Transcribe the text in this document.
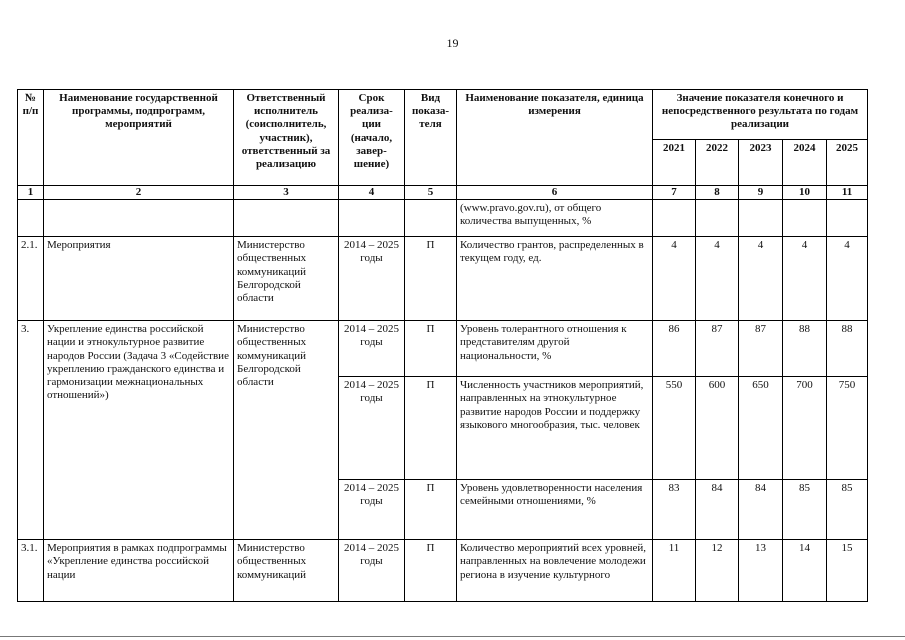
19
№ п/п	Наименование государственной программы, подпрограмм, мероприятий	Ответственный исполнитель (соисполнитель, участник), ответственный за реализацию	Срок реализа-ции (начало, завер-шение)	Вид показа-теля	Наименование показателя, единица измерения	Значение показателя конечного и непосредственного результата по годам реализации				
						2021	2022	2023	2024	2025
1	2	3	4	5	6	7	8	9	10	11
					(www.pravo.gov.ru), от общего количества выпущенных, %					
2.1.	Мероприятия	Министерство общественных коммуникаций Белгородской области	2014 – 2025 годы	П	Количество грантов, распределенных в текущем году, ед.	4	4	4	4	4
3.	Укрепление единства российской нации и этнокультурное развитие народов России (Задача 3 «Содействие укреплению гражданского единства и гармонизации межнациональных отношений»)	Министерство общественных коммуникаций Белгородской области	2014 – 2025 годы	П	Уровень толерантного отношения к представителям другой национальности, %	86	87	87	88	88
			2014 – 2025 годы	П	Численность участников мероприятий, направленных на этнокультурное развитие народов России и поддержку языкового многообразия, тыс. человек	550	600	650	700	750
			2014 – 2025 годы	П	Уровень удовлетворенности населения семейными отношениями, %	83	84	84	85	85
3.1.	Мероприятия в рамках подпрограммы «Укрепление единства российской нации	Министерство общественных коммуникаций	2014 – 2025 годы	П	Количество мероприятий всех уровней, направленных на вовлечение молодежи региона в изучение культурного	11	12	13	14	15
